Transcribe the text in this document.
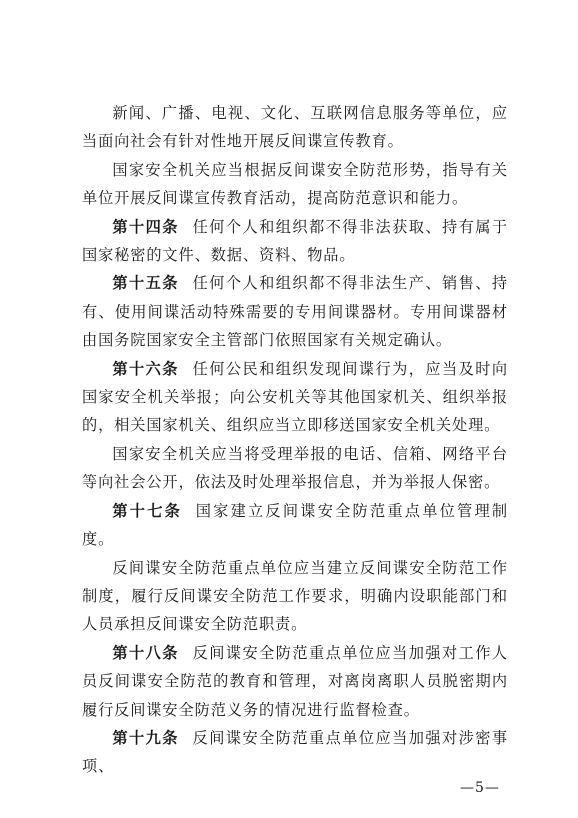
新闻、广播、电视、文化、互联网信息服务等单位，应当面向社会有针对性地开展反间谍宣传教育。

国家安全机关应当根据反间谍安全防范形势，指导有关单位开展反间谍宣传教育活动，提高防范意识和能力。

第十四条 任何个人和组织都不得非法获取、持有属于国家秘密的文件、数据、资料、物品。

第十五条 任何个人和组织都不得非法生产、销售、持有、使用间谍活动特殊需要的专用间谍器材。专用间谍器材由国务院国家安全主管部门依照国家有关规定确认。

第十六条 任何公民和组织发现间谍行为，应当及时向国家安全机关举报；向公安机关等其他国家机关、组织举报的，相关国家机关、组织应当立即移送国家安全机关处理。

国家安全机关应当将受理举报的电话、信箱、网络平台等向社会公开，依法及时处理举报信息，并为举报人保密。

第十七条 国家建立反间谍安全防范重点单位管理制度。

反间谍安全防范重点单位应当建立反间谍安全防范工作制度，履行反间谍安全防范工作要求，明确内设职能部门和人员承担反间谍安全防范职责。

第十八条 反间谍安全防范重点单位应当加强对工作人员反间谍安全防范的教育和管理，对离岗离职人员脱密期内履行反间谍安全防范义务的情况进行监督检查。

第十九条 反间谍安全防范重点单位应当加强对涉密事项、

—5—
